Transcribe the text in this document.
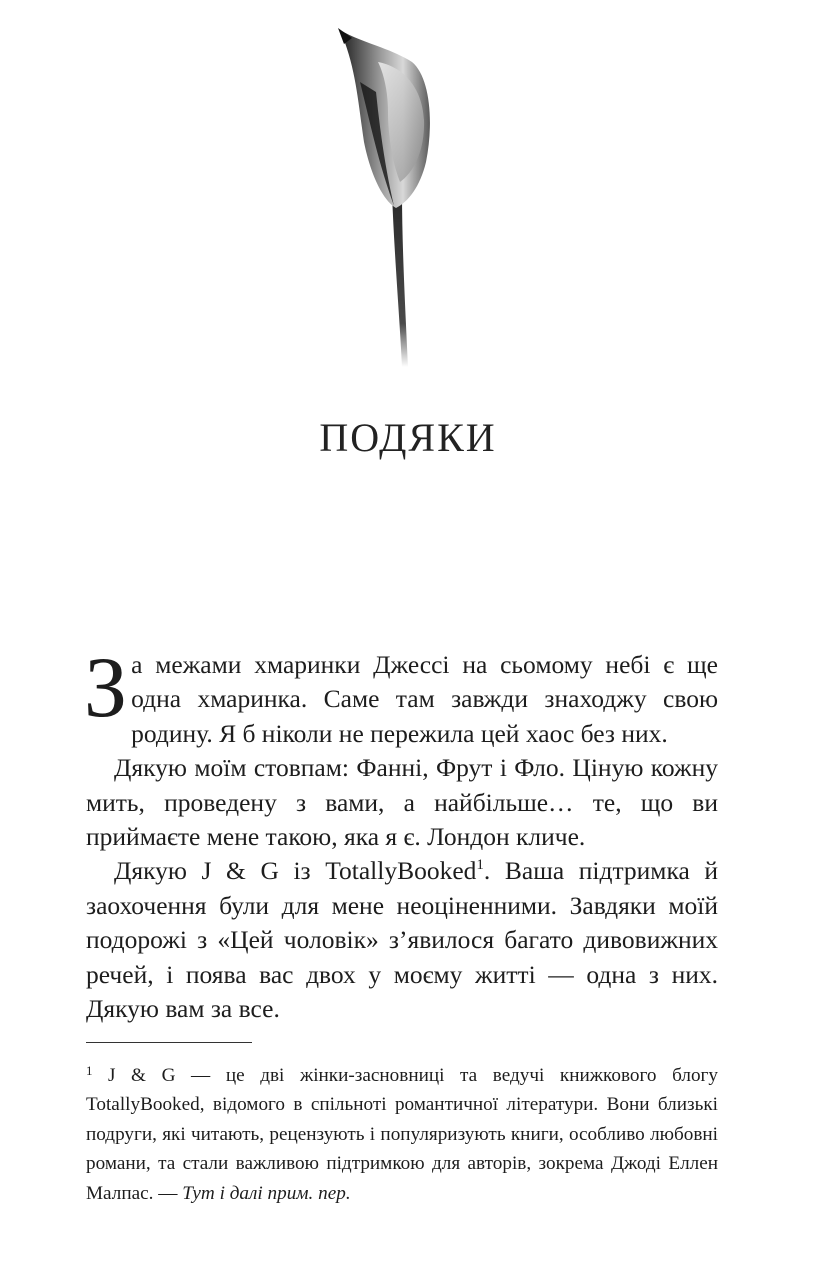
ПОДЯКИ

За межами хмаринки Джессі на сьомому небі є ще одна хмаринка. Саме там завжди знаходжу свою родину. Я б ніколи не пережила цей хаос без них.

Дякую моїм стовпам: Фанні, Фрут і Фло. Ціную кожну мить, проведену з вами, а найбільше… те, що ви приймаєте мене такою, яка я є. Лондон кличе.

Дякую J & G із TotallyBooked$^1$. Ваша підтримка й заохочення були для мене неоціненними. Завдяки моїй подорожі з «Цей чоловік» з’явилося багато дивовижних речей, і поява вас двох у моєму житті — одна з них. Дякую вам за все.

1 J & G — це дві жінки-засновниці та ведучі книжкового блогу TotallyBooked, відомого в спільноті романтичної літератури. Вони близькі подруги, які читають, рецензують і популяризують книги, особливо любовні романи, та стали важливою підтримкою для авторів, зокрема Джоді Еллен Малпас. — Тут і далі прим. пер.
